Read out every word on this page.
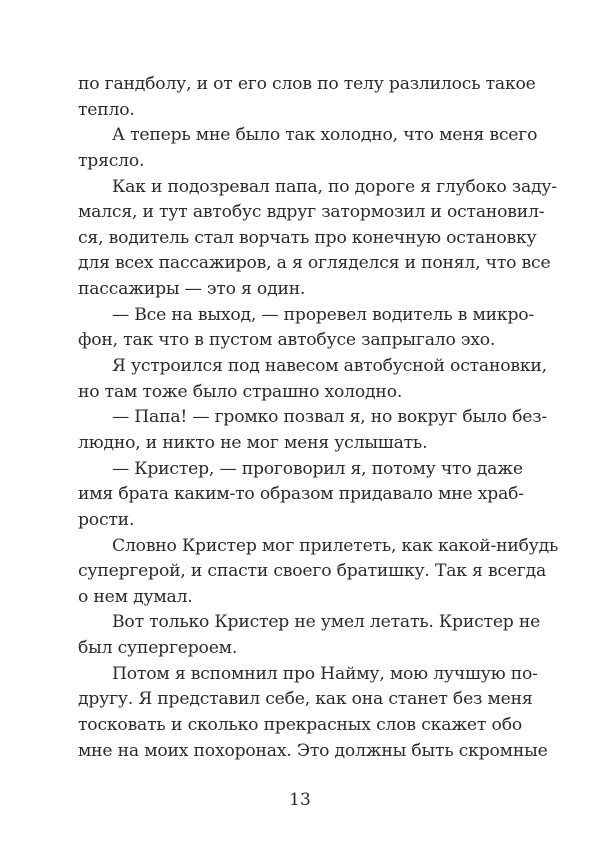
по гандболу, и от его слов по телу разлилось такое
тепло.
А теперь мне было так холодно, что меня всего
трясло.
Как и подозревал папа, по дороге я глубоко заду-
мался, и тут автобус вдруг затормозил и остановил-
ся, водитель стал ворчать про конечную остановку
для всех пассажиров, а я огляделся и понял, что все
пассажиры — это я один.
— Все на выход, — проревел водитель в микро-
фон, так что в пустом автобусе запрыгало эхо.
Я устроился под навесом автобусной остановки,
но там тоже было страшно холодно.
— Папа! — громко позвал я, но вокруг было без-
людно, и никто не мог меня услышать.
— Кристер, — проговорил я, потому что даже
имя брата каким-то образом придавало мне храб-
рости.
Словно Кристер мог прилететь, как какой-нибудь
супергерой, и спасти своего братишку. Так я всегда
о нем думал.
Вот только Кристер не умел летать. Кристер не
был супергероем.
Потом я вспомнил про Найму, мою лучшую по-
другу. Я представил себе, как она станет без меня
тосковать и сколько прекрасных слов скажет обо
мне на моих похоронах. Это должны быть скромные
13
